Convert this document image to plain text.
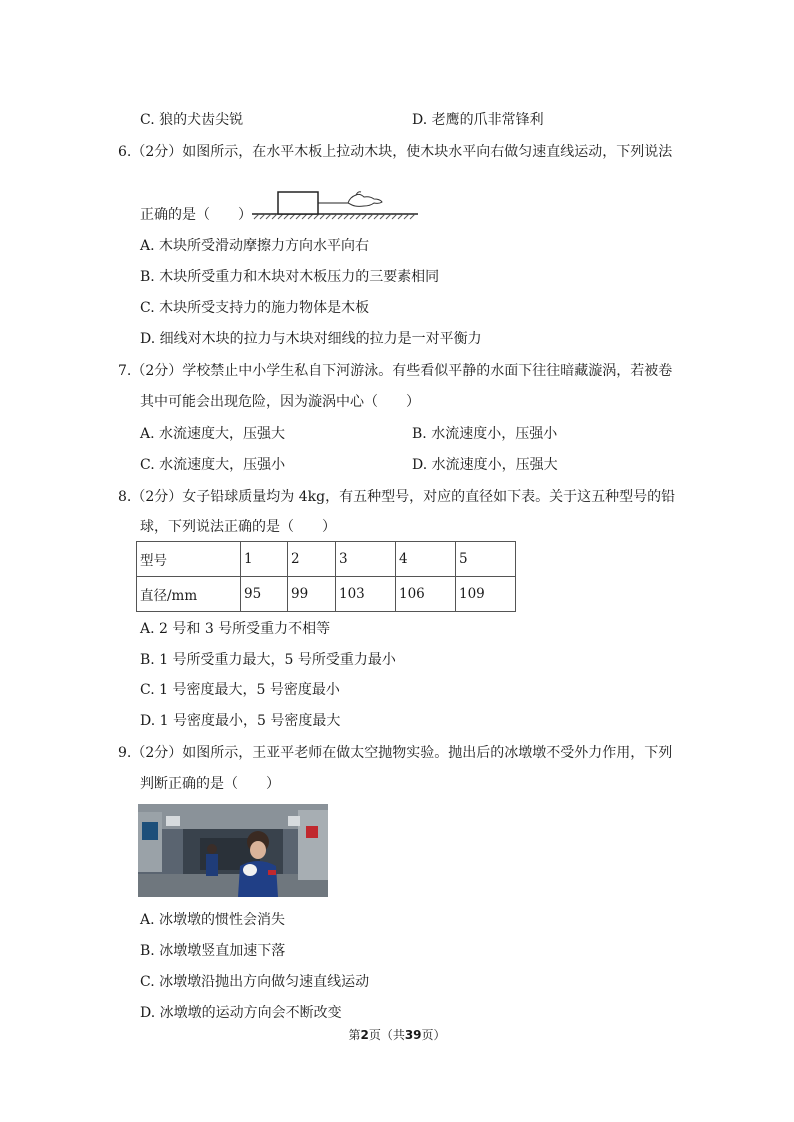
C. 狼的犬齿尖锐	D. 老鹰的爪非常锋利
6.（2分）如图所示，在水平木板上拉动木块，使木块水平向右做匀速直线运动，下列说法
正确的是（　　）
A. 木块所受滑动摩擦力方向水平向右
B. 木块所受重力和木块对木板压力的三要素相同
C. 木块所受支持力的施力物体是木板
D. 细线对木块的拉力与木块对细线的拉力是一对平衡力
7.（2分）学校禁止中小学生私自下河游泳。有些看似平静的水面下往往暗藏漩涡，若被卷
其中可能会出现危险，因为漩涡中心（　　）
A. 水流速度大，压强大	B. 水流速度小，压强小
C. 水流速度大，压强小	D. 水流速度小，压强大
8.（2分）女子铅球质量均为 4kg，有五种型号，对应的直径如下表。关于这五种型号的铅
球，下列说法正确的是（　　）
型号	1	2	3	4	5
直径/mm	95	99	103	106	109
A. 2 号和 3 号所受重力不相等
B. 1 号所受重力最大，5 号所受重力最小
C. 1 号密度最大，5 号密度最小
D. 1 号密度最小，5 号密度最大
9.（2分）如图所示，王亚平老师在做太空抛物实验。抛出后的冰墩墩不受外力作用，下列
判断正确的是（　　）
A. 冰墩墩的惯性会消失
B. 冰墩墩竖直加速下落
C. 冰墩墩沿抛出方向做匀速直线运动
D. 冰墩墩的运动方向会不断改变
第2页（共39页）
